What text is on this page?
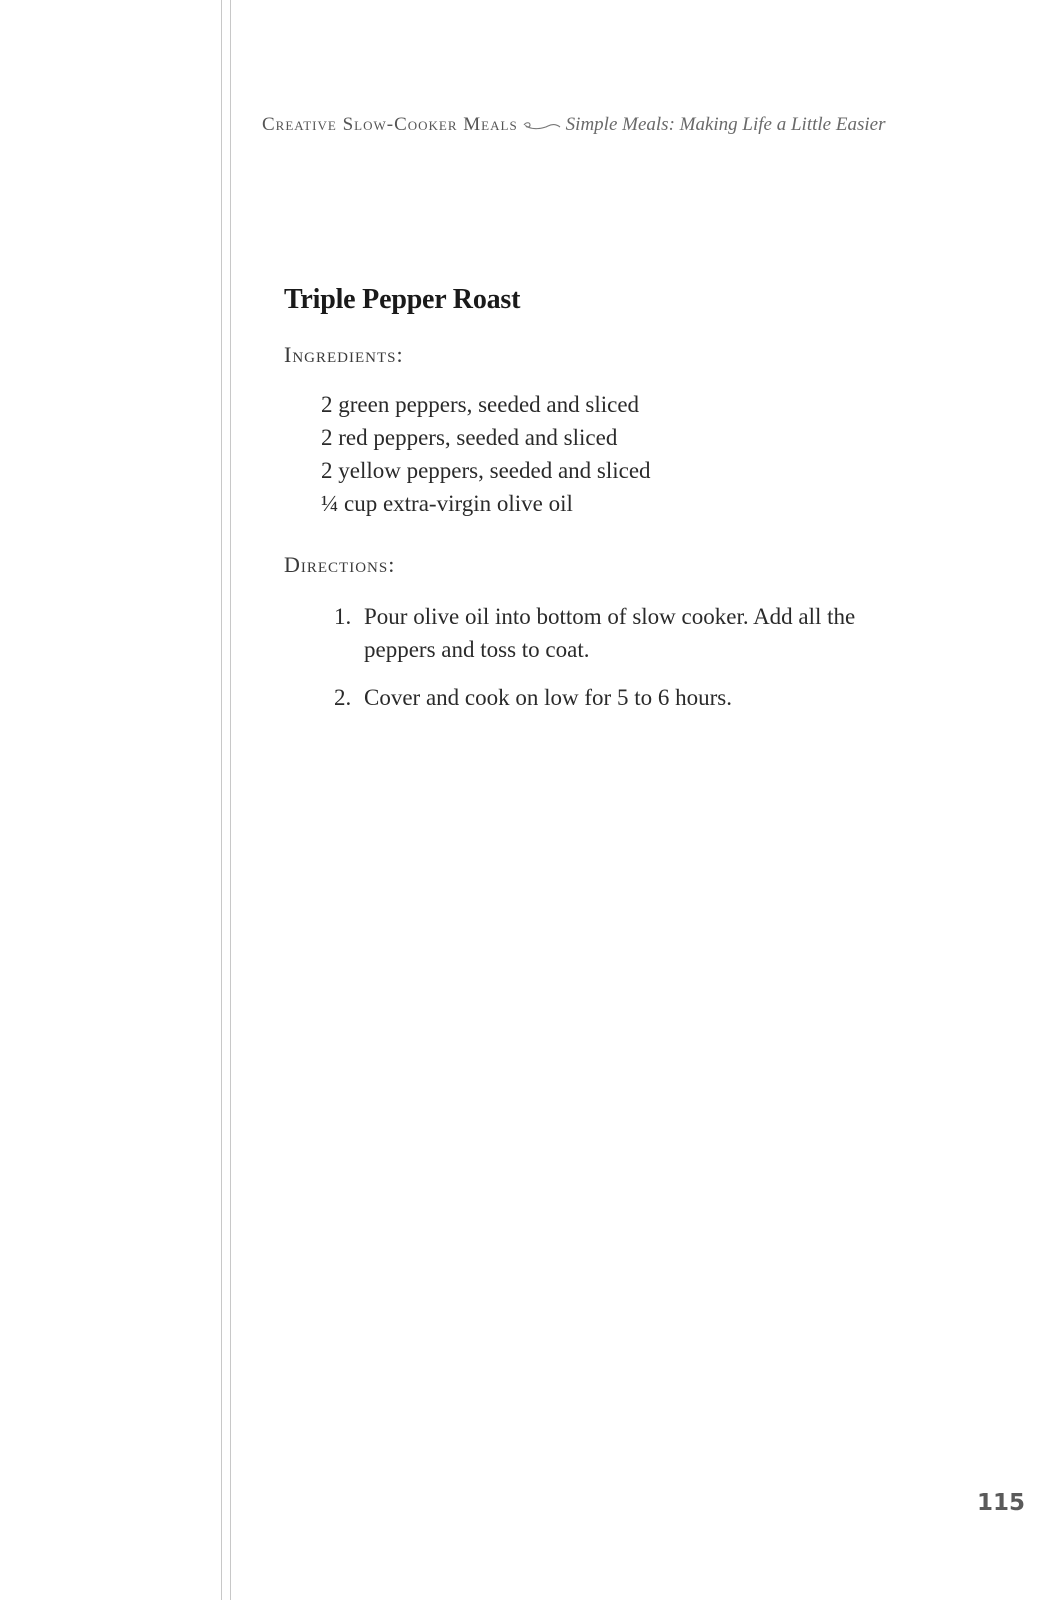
Creative Slow-Cooker Meals	Simple Meals: Making Life a Little Easier
Triple Pepper Roast
Ingredients:
2 green peppers, seeded and sliced
2 red peppers, seeded and sliced
2 yellow peppers, seeded and sliced
¼ cup extra-virgin olive oil
Directions:
1. Pour olive oil into bottom of slow cooker. Add all the peppers and toss to coat.
2. Cover and cook on low for 5 to 6 hours.
115
